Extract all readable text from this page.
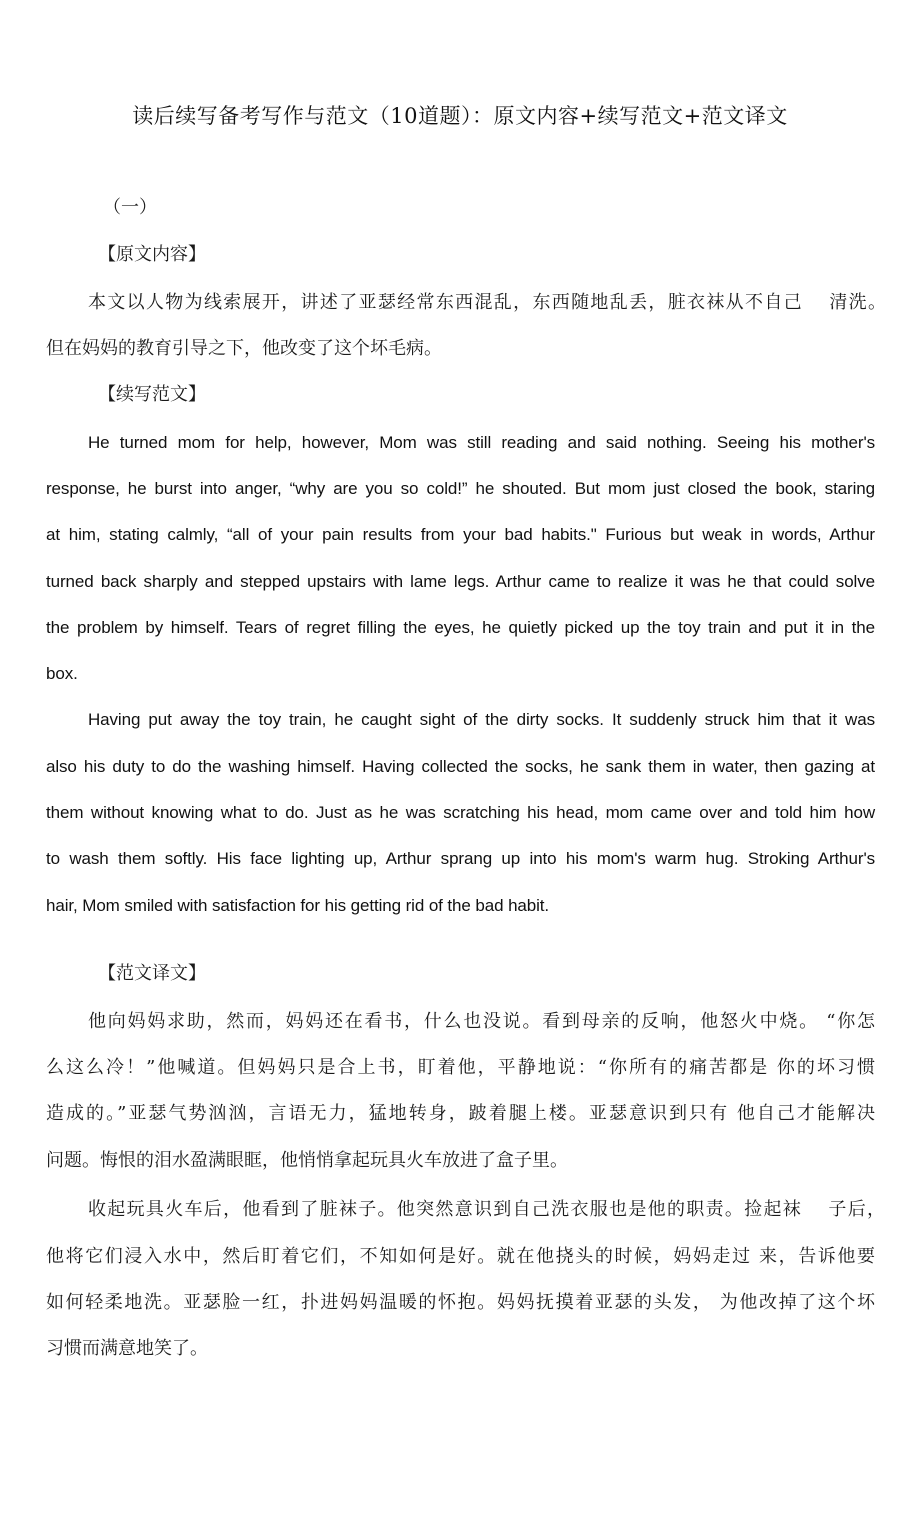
读后续写备考写作与范文（10道题）：原文内容+续写范文+范文译文
（一）
【原文内容】
本文以人物为线索展开，讲述了亚瑟经常东西混乱，东西随地乱丢，脏衣袜从不自己　 清洗。
但在妈妈的教育引导之下，他改变了这个坏毛病。
【续写范文】
He turned mom for help, however, Mom was still reading and said nothing. Seeing his mother's
response, he burst into anger, “why are you so cold!” he shouted. But mom just closed the book, staring
at him, stating calmly, “all of your pain results from your bad habits." Furious but weak in words, Arthur
turned back sharply and stepped upstairs with lame legs. Arthur came to realize it was he that could solve
the problem by himself. Tears of regret filling the eyes, he quietly picked up the toy train and put it in the
box.
Having put away the toy train, he caught sight of the dirty socks. It suddenly struck him that it was
also his duty to do the washing himself. Having collected the socks, he sank them in water, then gazing at
them without knowing what to do. Just as he was scratching his head, mom came over and told him how
to wash them softly. His face lighting up, Arthur sprang up into his mom's warm hug. Stroking Arthur's
hair, Mom smiled with satisfaction for his getting rid of the bad habit.
【范文译文】
他向妈妈求助，然而，妈妈还在看书，什么也没说。看到母亲的反响，他怒火中烧。 “你怎
么这么冷！”他喊道。但妈妈只是合上书，盯着他，平静地说：“你所有的痛苦都是 你的坏习惯
造成的。”亚瑟气势汹汹，言语无力，猛地转身，跛着腿上楼。亚瑟意识到只有 他自己才能解决
问题。悔恨的泪水盈满眼眶，他悄悄拿起玩具火车放进了盒子里。
收起玩具火车后，他看到了脏袜子。他突然意识到自己洗衣服也是他的职责。捡起袜　 子后，
他将它们浸入水中，然后盯着它们，不知如何是好。就在他挠头的时候，妈妈走过 来，告诉他要
如何轻柔地洗。亚瑟脸一红，扑进妈妈温暖的怀抱。妈妈抚摸着亚瑟的头发， 为他改掉了这个坏
习惯而满意地笑了。
